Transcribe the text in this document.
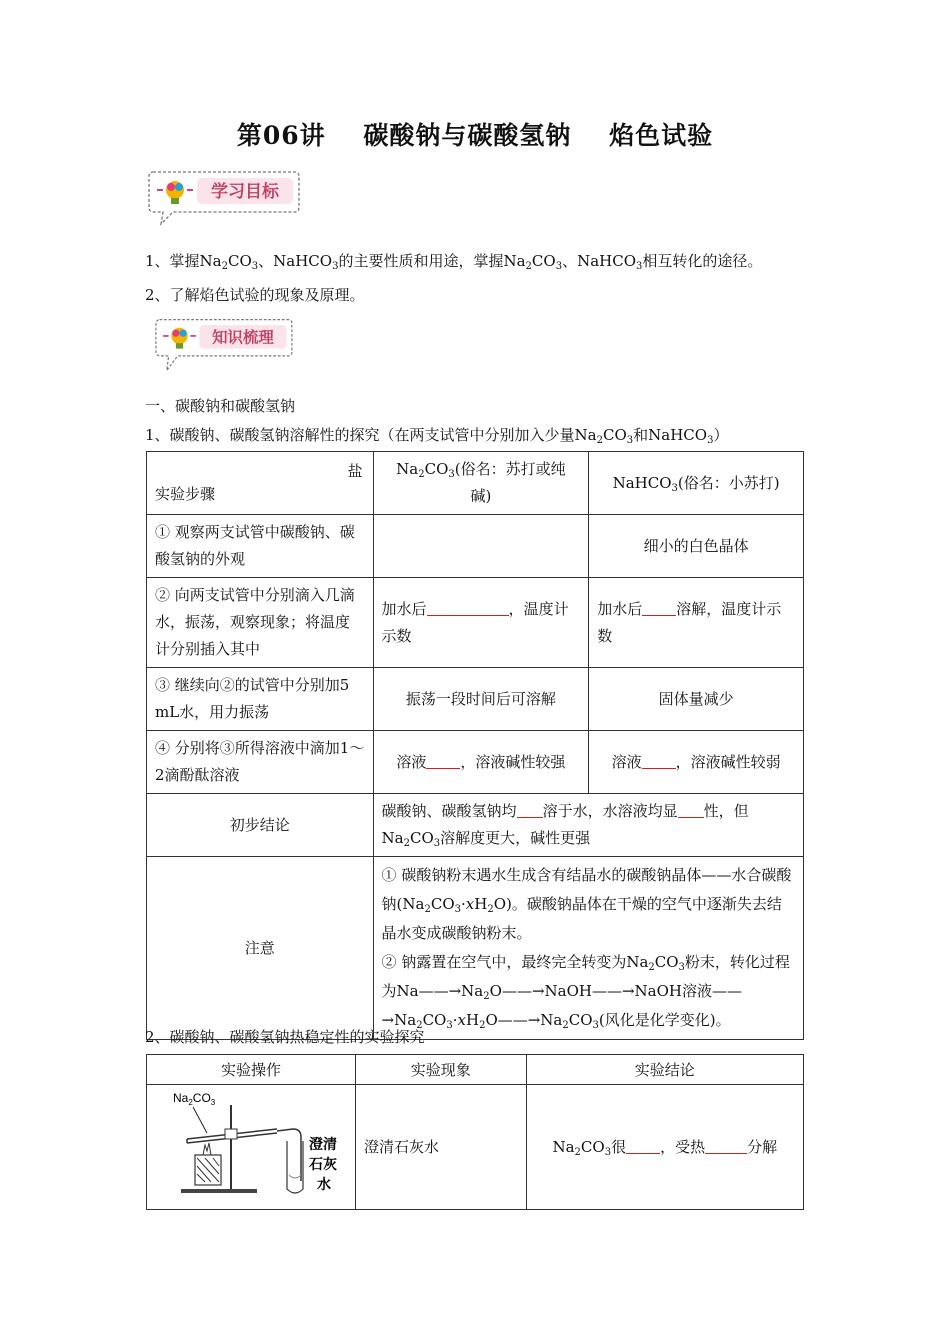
第06讲 碳酸钠与碳酸氢钠 焰色试验
学习目标
1、掌握$Na_2CO_3$、NaHCO$_3$的主要性质和用途，掌握$Na_2CO_3$、NaHCO$_3$相互转化的途径。
2、了解焰色试验的现象及原理。
知识梳理
一、碳酸钠和碳酸氢钠
1、碳酸钠、碳酸氢钠溶解性的探究（在两支试管中分别加入少量$Na_2CO_3$和NaHCO$_3$）
盐
实验步骤	$Na_2CO_3$(俗名：苏打或纯
碱)	NaHCO$_3$(俗名：小苏打)
① 观察两支试管中碳酸钠、碳酸氢钠的外观		细小的白色晶体
② 向两支试管中分别滴入几滴水，振荡，观察现象；将温度计分别插入其中	加水后 ，温度计示数	加水后 溶解，温度计示数
③ 继续向②的试管中分别加5 mL水，用力振荡	振荡一段时间后可溶解	固体量减少
④ 分别将③所得溶液中滴加1～2滴酚酞溶液	溶液 ，溶液碱性较强	溶液 ，溶液碱性较弱
初步结论	碳酸钠、碳酸氢钠均 溶于水，水溶液均显 性，但
$Na_2CO_3$溶解度更大，碱性更强	
注意	① 碳酸钠粉末遇水生成含有结晶水的碳酸钠晶体——水合碳酸钠$(Na_2CO_3\cdot xH_2O)$。碳酸钠晶体在干燥的空气中逐渐失去结晶水变成碳酸钠粉末。
② 钠露置在空气中，最终完全转变为$Na_2CO_3$粉末，转化过程为$Na——\to Na_2O——\to NaOH——\to NaOH$溶液$——\to Na_2CO_3\cdot xH_2O——\to Na_2CO_3$(风化是化学变化)。	
2、碳酸钠、碳酸氢钠热稳定性的实验探究
实验操作	实验现象	实验结论

$Na_2CO_3$
澄清
石灰
水	澄清石灰水	$Na_2CO_3$很 ，受热 分解
